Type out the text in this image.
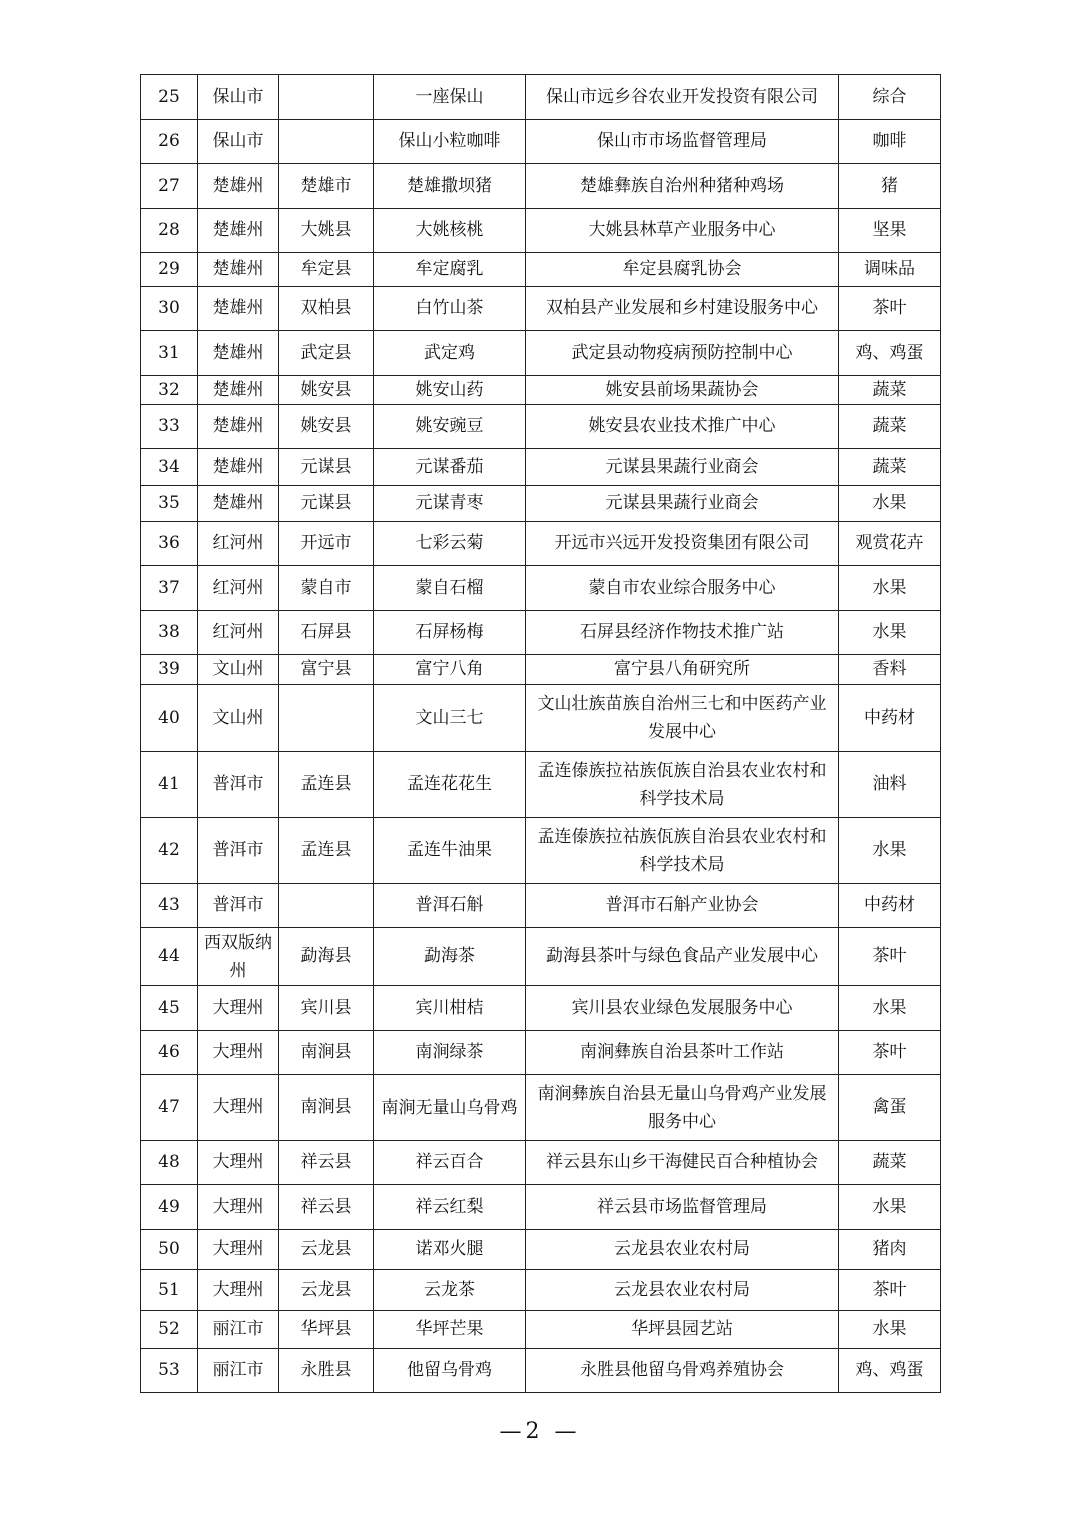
25	保山市		一座保山	保山市远乡谷农业开发投资有限公司	综合
26	保山市		保山小粒咖啡	保山市市场监督管理局	咖啡
27	楚雄州	楚雄市	楚雄撒坝猪	楚雄彝族自治州种猪种鸡场	猪
28	楚雄州	大姚县	大姚核桃	大姚县林草产业服务中心	坚果
29	楚雄州	牟定县	牟定腐乳	牟定县腐乳协会	调味品
30	楚雄州	双柏县	白竹山茶	双柏县产业发展和乡村建设服务中心	茶叶
31	楚雄州	武定县	武定鸡	武定县动物疫病预防控制中心	鸡、鸡蛋
32	楚雄州	姚安县	姚安山药	姚安县前场果蔬协会	蔬菜
33	楚雄州	姚安县	姚安豌豆	姚安县农业技术推广中心	蔬菜
34	楚雄州	元谋县	元谋番茄	元谋县果蔬行业商会	蔬菜
35	楚雄州	元谋县	元谋青枣	元谋县果蔬行业商会	水果
36	红河州	开远市	七彩云菊	开远市兴远开发投资集团有限公司	观赏花卉
37	红河州	蒙自市	蒙自石榴	蒙自市农业综合服务中心	水果
38	红河州	石屏县	石屏杨梅	石屏县经济作物技术推广站	水果
39	文山州	富宁县	富宁八角	富宁县八角研究所	香料
40	文山州		文山三七	文山壮族苗族自治州三七和中医药产业发展中心	中药材
41	普洱市	孟连县	孟连花花生	孟连傣族拉祜族佤族自治县农业农村和科学技术局	油料
42	普洱市	孟连县	孟连牛油果	孟连傣族拉祜族佤族自治县农业农村和科学技术局	水果
43	普洱市		普洱石斛	普洱市石斛产业协会	中药材
44	西双版纳州	勐海县	勐海茶	勐海县茶叶与绿色食品产业发展中心	茶叶
45	大理州	宾川县	宾川柑桔	宾川县农业绿色发展服务中心	水果
46	大理州	南涧县	南涧绿茶	南涧彝族自治县茶叶工作站	茶叶
47	大理州	南涧县	南涧无量山乌骨鸡	南涧彝族自治县无量山乌骨鸡产业发展服务中心	禽蛋
48	大理州	祥云县	祥云百合	祥云县东山乡干海健民百合种植协会	蔬菜
49	大理州	祥云县	祥云红梨	祥云县市场监督管理局	水果
50	大理州	云龙县	诺邓火腿	云龙县农业农村局	猪肉
51	大理州	云龙县	云龙茶	云龙县农业农村局	茶叶
52	丽江市	华坪县	华坪芒果	华坪县园艺站	水果
53	丽江市	永胜县	他留乌骨鸡	永胜县他留乌骨鸡养殖协会	鸡、鸡蛋
—2 —
